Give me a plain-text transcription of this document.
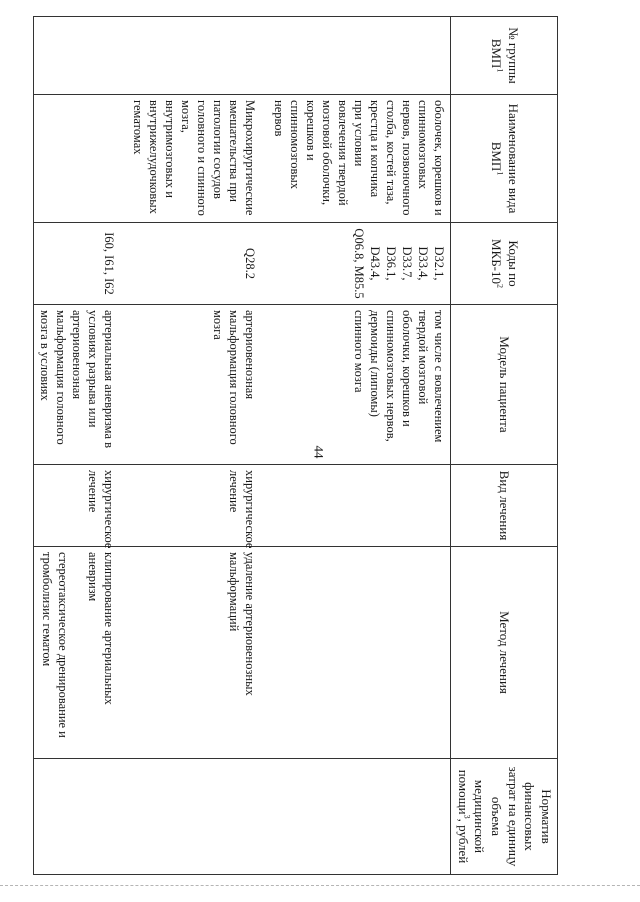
44
№ группы ВМП$^1$	Наименование вида ВМП$^1$	Коды по МКБ-$10^2$	Модель пациента	Вид лечения	Метод лечения	Норматив финансовых затрат на единицу объема медицинской помощи$^3$, рублей
	оболочек, корешков и спинномозговых нервов, позвоночного столба, костей таза, крестца и копчика при условии вовлечения твердой мозговой оболочки, корешков и спинномозговых нервов	D32.1, D33.4, D33.7, D36.1, D43.4, Q06.8, M85.5	том числе с вовлечением твердой мозговой оболочки, корешков и спинномозговых нервов, дермоиды (липомы) спинного мозга			
	Микрохирургические вмешательства при патологии сосудов головного и спинного мозга, внутримозговых и внутрижелудочковых гематомах	Q28.2	артериовенозная мальформация головного мозга	хирургическое лечение	удаление артериовенозных мальформаций	
		I60, I61, I62	артериальная аневризма в условиях разрыва или артериовенозная мальформация головного мозга в условиях	хирургическое лечение	клипирование артериальных аневризм
стереотаксическое дренирование и тромболизис гематом	
